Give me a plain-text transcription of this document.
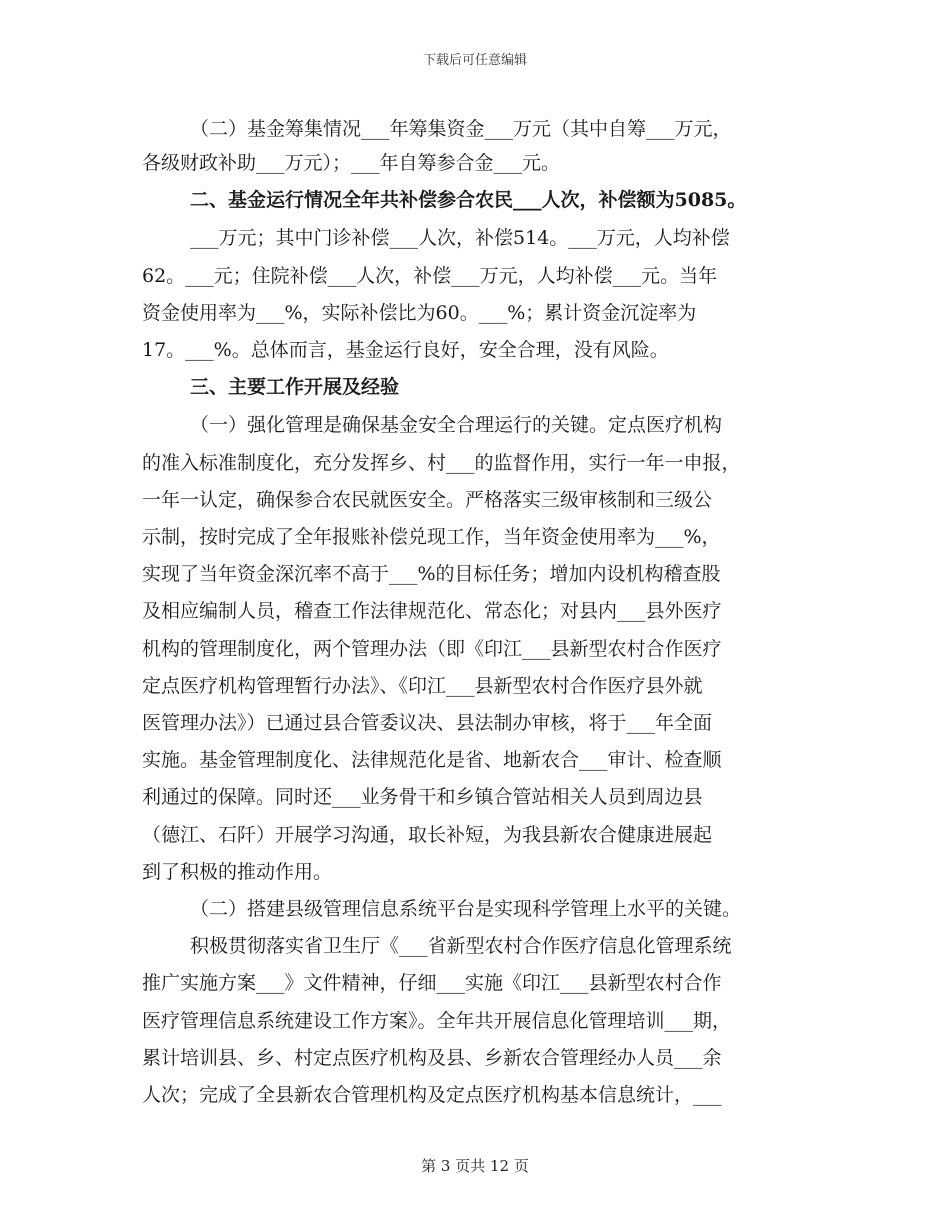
下载后可任意编辑
（二）基金筹集情况___年筹集资金___万元（其中自筹___万元，
各级财政补助___万元）；___年自筹参合金___元。
二、基金运行情况全年共补偿参合农民___人次，补偿额为5085。
___万元；其中门诊补偿___人次，补偿514。___万元，人均补偿
62。___元；住院补偿___人次，补偿___万元，人均补偿___元。当年
资金使用率为___%，实际补偿比为60。___%；累计资金沉淀率为
17。___%。总体而言，基金运行良好，安全合理，没有风险。
三、主要工作开展及经验
（一）强化管理是确保基金安全合理运行的关键。定点医疗机构
的准入标准制度化，充分发挥乡、村___的监督作用，实行一年一申报，
一年一认定，确保参合农民就医安全。严格落实三级审核制和三级公
示制，按时完成了全年报账补偿兑现工作，当年资金使用率为___%，
实现了当年资金深沉率不高于___%的目标任务；增加内设机构稽查股
及相应编制人员，稽查工作法律规范化、常态化；对县内___县外医疗
机构的管理制度化，两个管理办法（即《印江___县新型农村合作医疗
定点医疗机构管理暂行办法》、《印江___县新型农村合作医疗县外就
医管理办法》）已通过县合管委议决、县法制办审核，将于___年全面
实施。基金管理制度化、法律规范化是省、地新农合___审计、检查顺
利通过的保障。同时还___业务骨干和乡镇合管站相关人员到周边县
（德江、石阡）开展学习沟通，取长补短，为我县新农合健康进展起
到了积极的推动作用。
（二）搭建县级管理信息系统平台是实现科学管理上水平的关键。
积极贯彻落实省卫生厅《___省新型农村合作医疗信息化管理系统
推广实施方案___》文件精神，仔细___实施《印江___县新型农村合作
医疗管理信息系统建设工作方案》。全年共开展信息化管理培训___期，
累计培训县、乡、村定点医疗机构及县、乡新农合管理经办人员___余
人次；完成了全县新农合管理机构及定点医疗机构基本信息统计，___
第 3 页共 12 页
